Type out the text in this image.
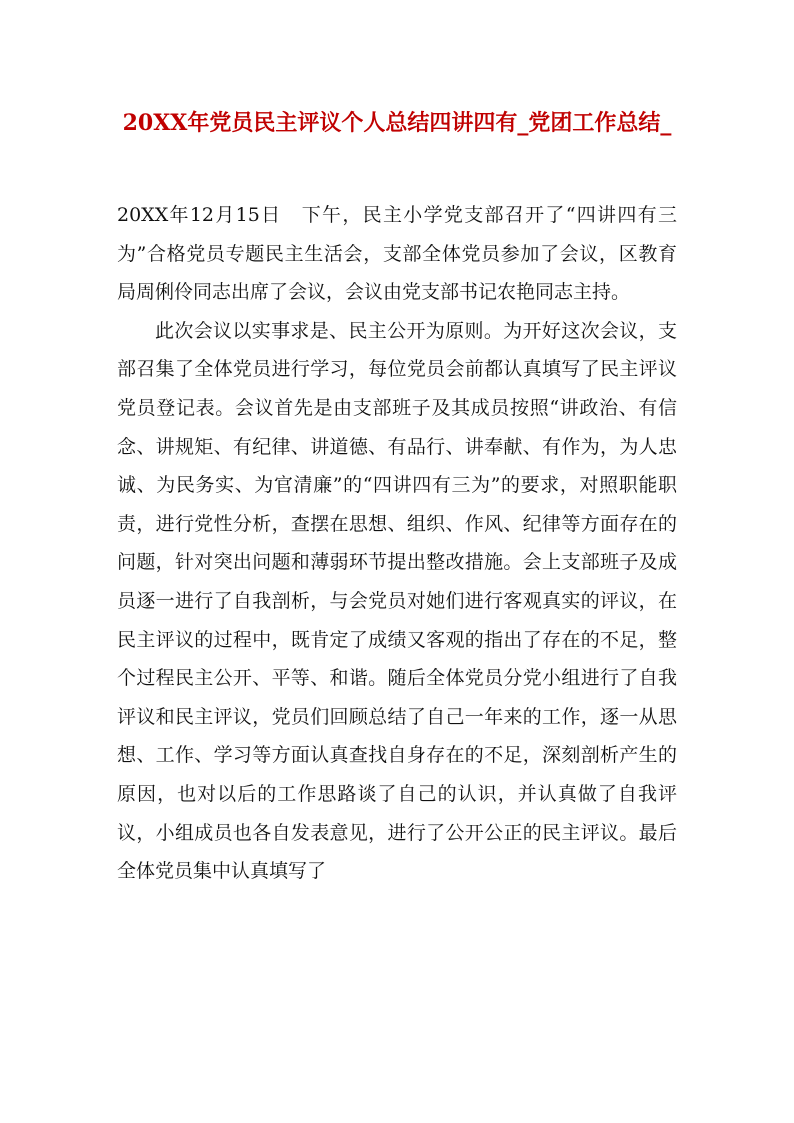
20XX年党员民主评议个人总结四讲四有_党团工作总结_

20XX年12月15日　下午，民主小学党支部召开了“四讲四有三为”合格党员专题民主生活会，支部全体党员参加了会议，区教育局周俐伶同志出席了会议，会议由党支部书记农艳同志主持。

此次会议以实事求是、民主公开为原则。为开好这次会议，支部召集了全体党员进行学习，每位党员会前都认真填写了民主评议党员登记表。会议首先是由支部班子及其成员按照“讲政治、有信念、讲规矩、有纪律、讲道德、有品行、讲奉献、有作为，为人忠诚、为民务实、为官清廉”的“四讲四有三为”的要求，对照职能职责，进行党性分析，查摆在思想、组织、作风、纪律等方面存在的问题，针对突出问题和薄弱环节提出整改措施。会上支部班子及成员逐一进行了自我剖析，与会党员对她们进行客观真实的评议，在民主评议的过程中，既肯定了成绩又客观的指出了存在的不足，整个过程民主公开、平等、和谐。随后全体党员分党小组进行了自我评议和民主评议，党员们回顾总结了自己一年来的工作，逐一从思想、工作、学习等方面认真查找自身存在的不足，深刻剖析产生的原因，也对以后的工作思路谈了自己的认识，并认真做了自我评议，小组成员也各自发表意见，进行了公开公正的民主评议。最后全体党员集中认真填写了
